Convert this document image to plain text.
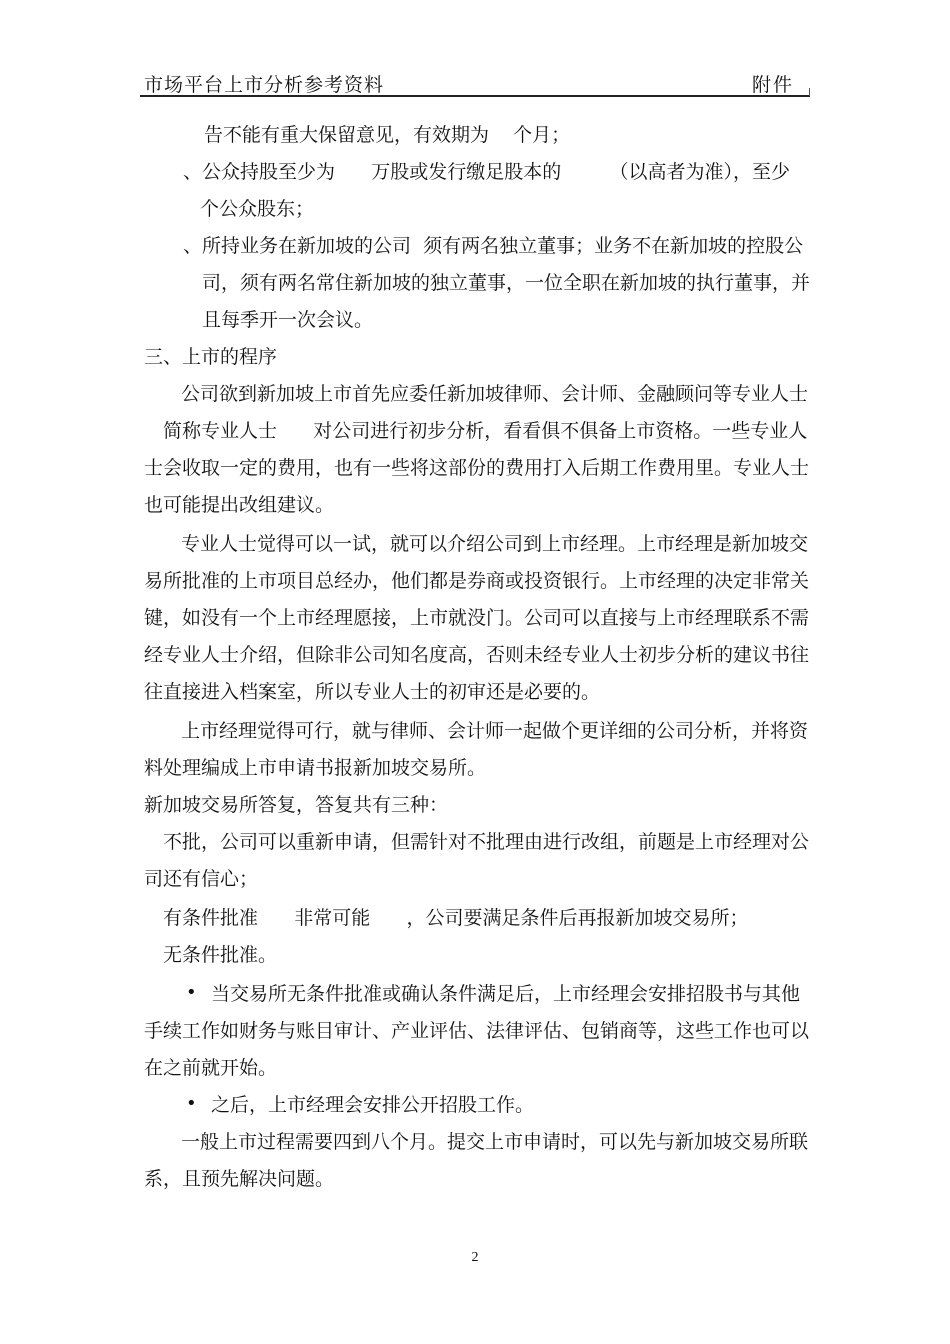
市场平台上市分析参考资料	附件
告不能有重大保留意见，有效期为    个月；
、公众持股至少为      万股或发行缴足股本的        （以高者为准），至少
个公众股东；
、所持业务在新加坡的公司  须有两名独立董事；业务不在新加坡的控股公
司，须有两名常住新加坡的独立董事，一位全职在新加坡的执行董事，并
且每季开一次会议。
三、上市的程序
公司欲到新加坡上市首先应委任新加坡律师、会计师、金融顾问等专业人士
简称专业人士      对公司进行初步分析，看看俱不俱备上市资格。一些专业人
士会收取一定的费用，也有一些将这部份的费用打入后期工作费用里。专业人士
也可能提出改组建议。
专业人士觉得可以一试，就可以介绍公司到上市经理。上市经理是新加坡交
易所批准的上市项目总经办，他们都是券商或投资银行。上市经理的决定非常关
键，如没有一个上市经理愿接，上市就没门。公司可以直接与上市经理联系不需
经专业人士介绍，但除非公司知名度高，否则未经专业人士初步分析的建议书往
往直接进入档案室，所以专业人士的初审还是必要的。
上市经理觉得可行，就与律师、会计师一起做个更详细的公司分析，并将资
料处理编成上市申请书报新加坡交易所。
新加坡交易所答复，答复共有三种：
不批，公司可以重新申请，但需针对不批理由进行改组，前题是上市经理对公
司还有信心；
有条件批准      非常可能      ，公司要满足条件后再报新加坡交易所；
无条件批准。
• 当交易所无条件批准或确认条件满足后，上市经理会安排招股书与其他
手续工作如财务与账目审计、产业评估、法律评估、包销商等，这些工作也可以
在之前就开始。
• 之后，上市经理会安排公开招股工作。
一般上市过程需要四到八个月。提交上市申请时，可以先与新加坡交易所联
系，且预先解决问题。
2
